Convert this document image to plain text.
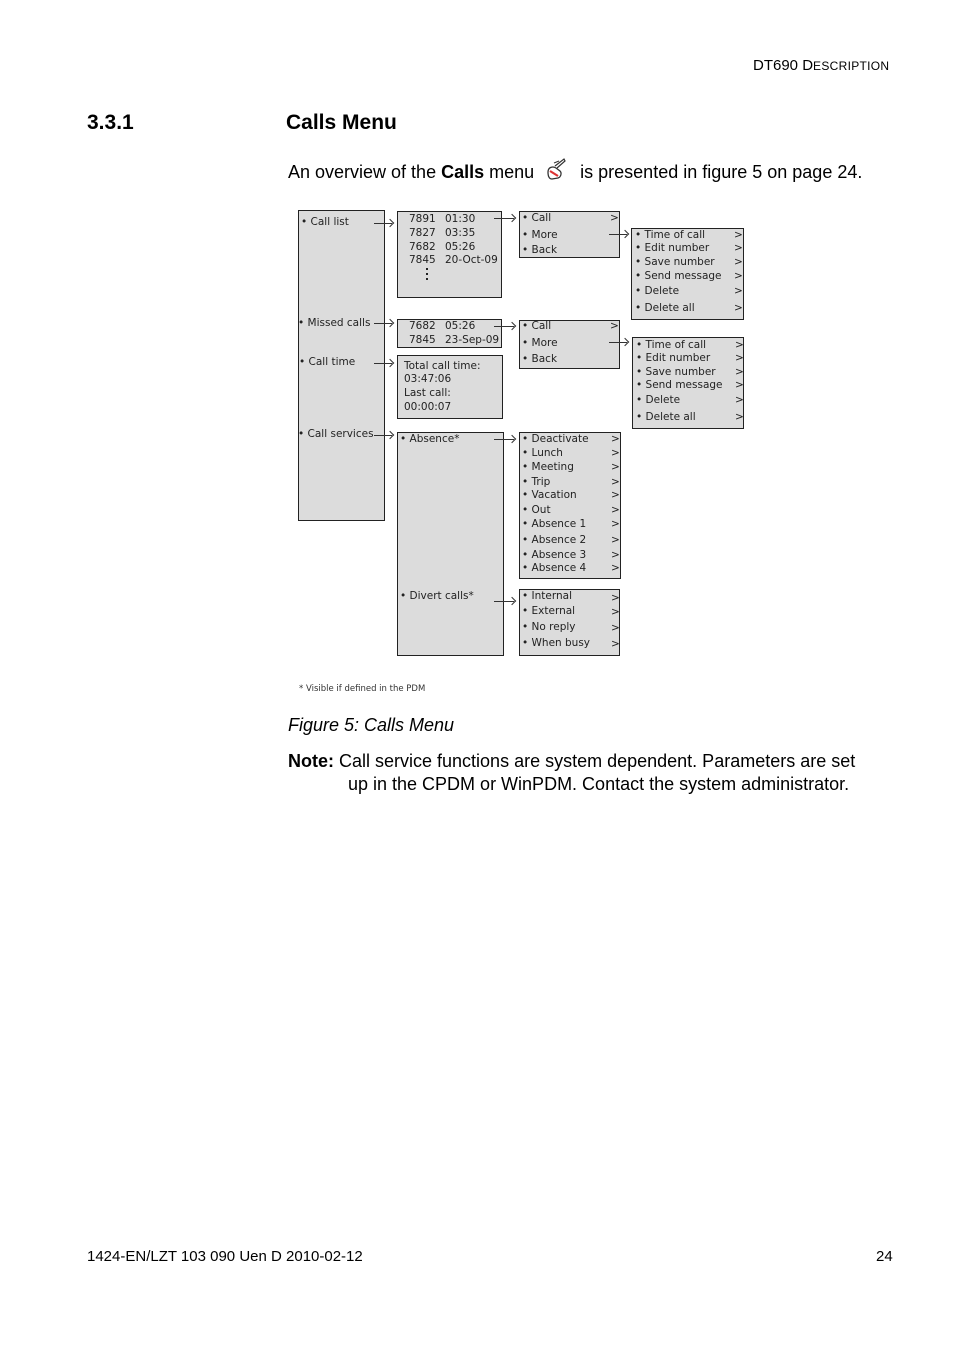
DT690 DESCRIPTION
3.3.1	Calls Menu
An overview of the Calls menu  is presented in figure 5 on page 24.
• Call list
• Missed calls
• Call time
• Call services
7891 01:30
7827 03:35
7682 05:26
7845 20-Oct-09
• Call	>
• More
• Back
• Time of call
• Edit number
• Save number
• Send message
• Delete
• Delete all
>
>
>
>
>
>
7682 05:26
7845 23-Sep-09
• Call	>
• More
• Back
• Time of call
• Edit number
• Save number
• Send message
• Delete
• Delete all
>
>
>
>
>
>
Total call time:
03:47:06
Last call:
00:00:07
• Absence*
• Divert calls*
• Deactivate
• Lunch
• Meeting
• Trip
• Vacation
• Out
• Absence 1
• Absence 2
• Absence 3
• Absence 4
>
>
>
>
>
>
>
>
>
>
• Internal
• External
• No reply
• When busy
>
>
>
>
* Visible if defined in the PDM
Figure 5: Calls Menu
Note: Call service functions are system dependent. Parameters are set
up in the CPDM or WinPDM. Contact the system administrator.
1424-EN/LZT 103 090 Uen D 2010-02-12	24
